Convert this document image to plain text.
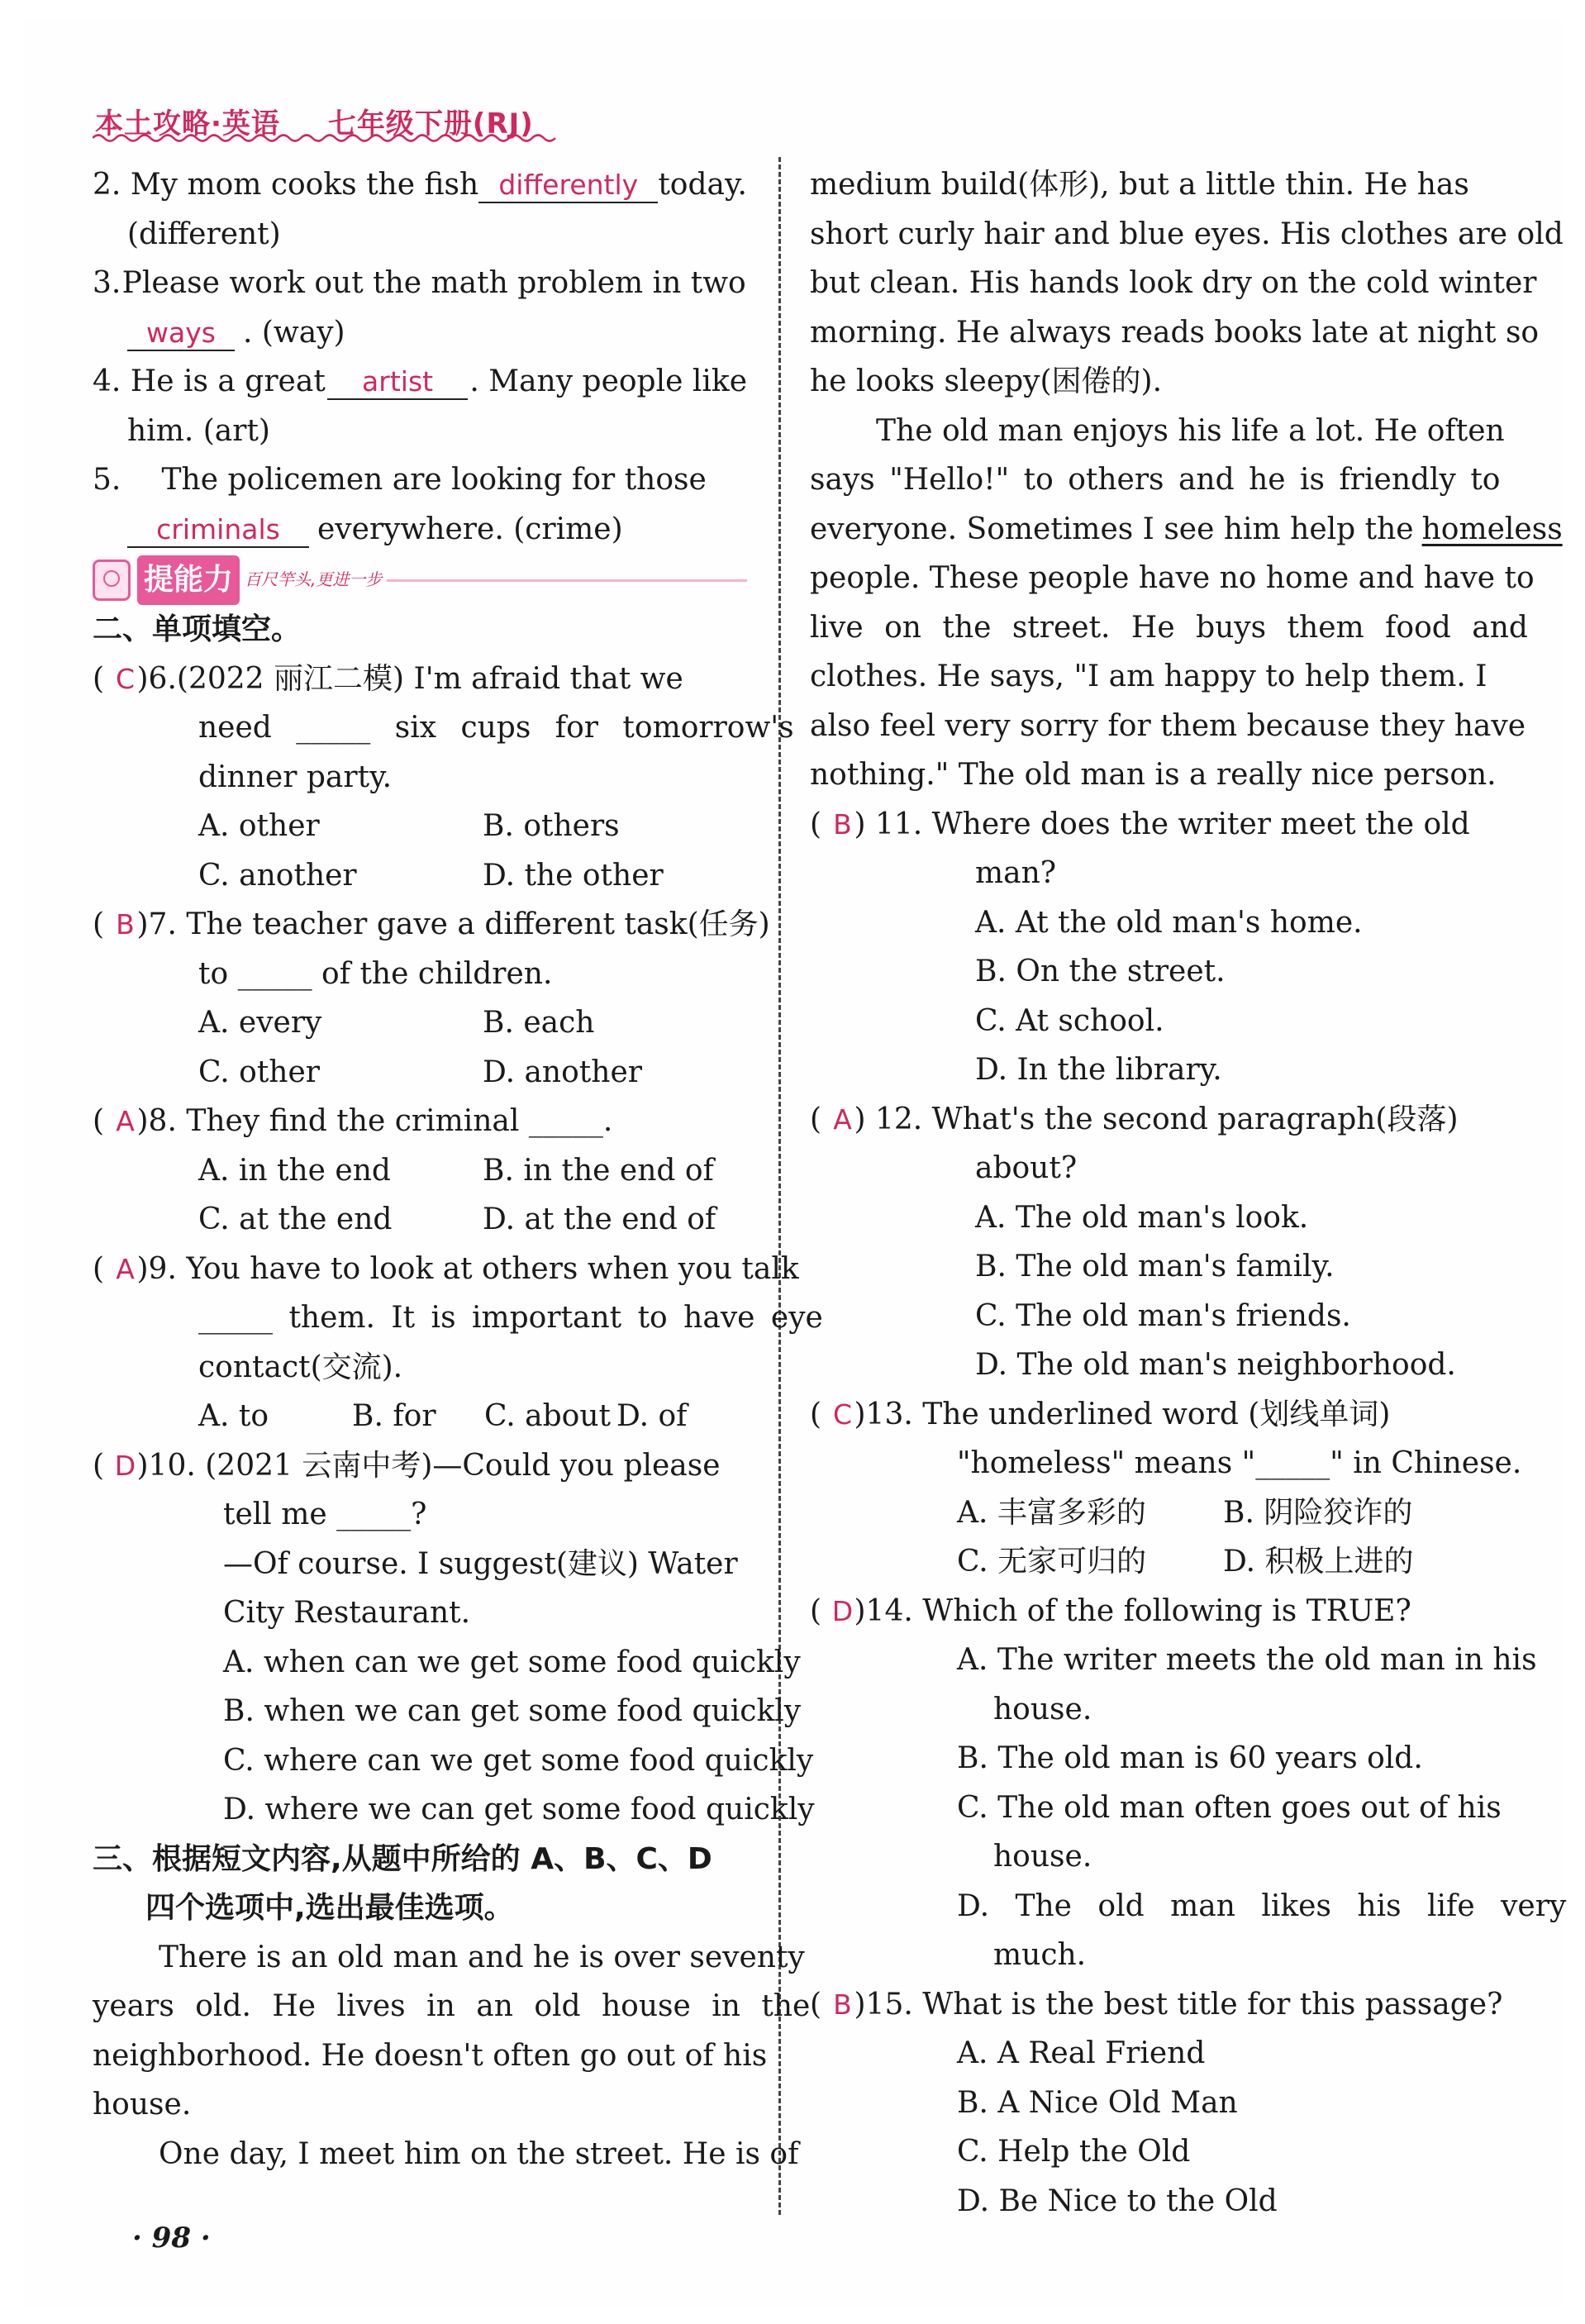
本土攻略·英语 七年级下册(RJ)
2. My mom cooks the fish differently today.
(different)
3. Please work out the math problem in two
ways . (way)
4. He is a great	artist	. Many people like
him. (art)
5. The policemen are looking for those
criminals	everywhere. (crime)
提能力 百尺竿头,更进一步
二、单项填空。
( C)6.(2022 丽江二模) I'm afraid that we
need _____ six cups for tomorrow's
dinner party.
A. other	B. others
C. another	D. the other
( B)7. The teacher gave a different task(任务)
to _____ of the children.
A. every	B. each
C. other	D. another
( A)8. They find the criminal _____.
A. in the end	B. in the end of
C. at the end	D. at the end of
( A)9. You have to look at others when you talk
_____ them. It is important to have eye
contact(交流).
A. to	B. for	C. about D. of
( D)10. (2021 云南中考)—Could you please
tell me _____?
—Of course. I suggest(建议) Water
City Restaurant.
A. when can we get some food quickly
B. when we can get some food quickly
C. where can we get some food quickly
D. where we can get some food quickly
三、根据短文内容,从题中所给的 A、B、C、D
四个选项中,选出最佳选项。
There is an old man and he is over seventy
years old. He lives in an old house in the
neighborhood. He doesn't often go out of his
house.
One day, I meet him on the street. He is of
medium build(体形), but a little thin. He has
short curly hair and blue eyes. His clothes are old
but clean. His hands look dry on the cold winter
morning. He always reads books late at night so
he looks sleepy(困倦的).
The old man enjoys his life a lot. He often
says "Hello!" to others and he is friendly to
everyone. Sometimes I see him help the homeless
people. These people have no home and have to
live on the street. He buys them food and
clothes. He says, "I am happy to help them. I
also feel very sorry for them because they have
nothing." The old man is a really nice person.
( B) 11. Where does the writer meet the old
man?
A. At the old man's home.
B. On the street.
C. At school.
D. In the library.
( A) 12. What's the second paragraph(段落)
about?
A. The old man's look.
B. The old man's family.
C. The old man's friends.
D. The old man's neighborhood.
( C)13. The underlined word (划线单词)
"homeless" means "_____" in Chinese.
A. 丰富多彩的	B. 阴险狡诈的
C. 无家可归的	D. 积极上进的
( D)14. Which of the following is TRUE?
A. The writer meets the old man in his
house.
B. The old man is 60 years old.
C. The old man often goes out of his
house.
D. The old man likes his life very
much.
( B)15. What is the best title for this passage?
A. A Real Friend
B. A Nice Old Man
C. Help the Old
D. Be Nice to the Old
· 98 ·
